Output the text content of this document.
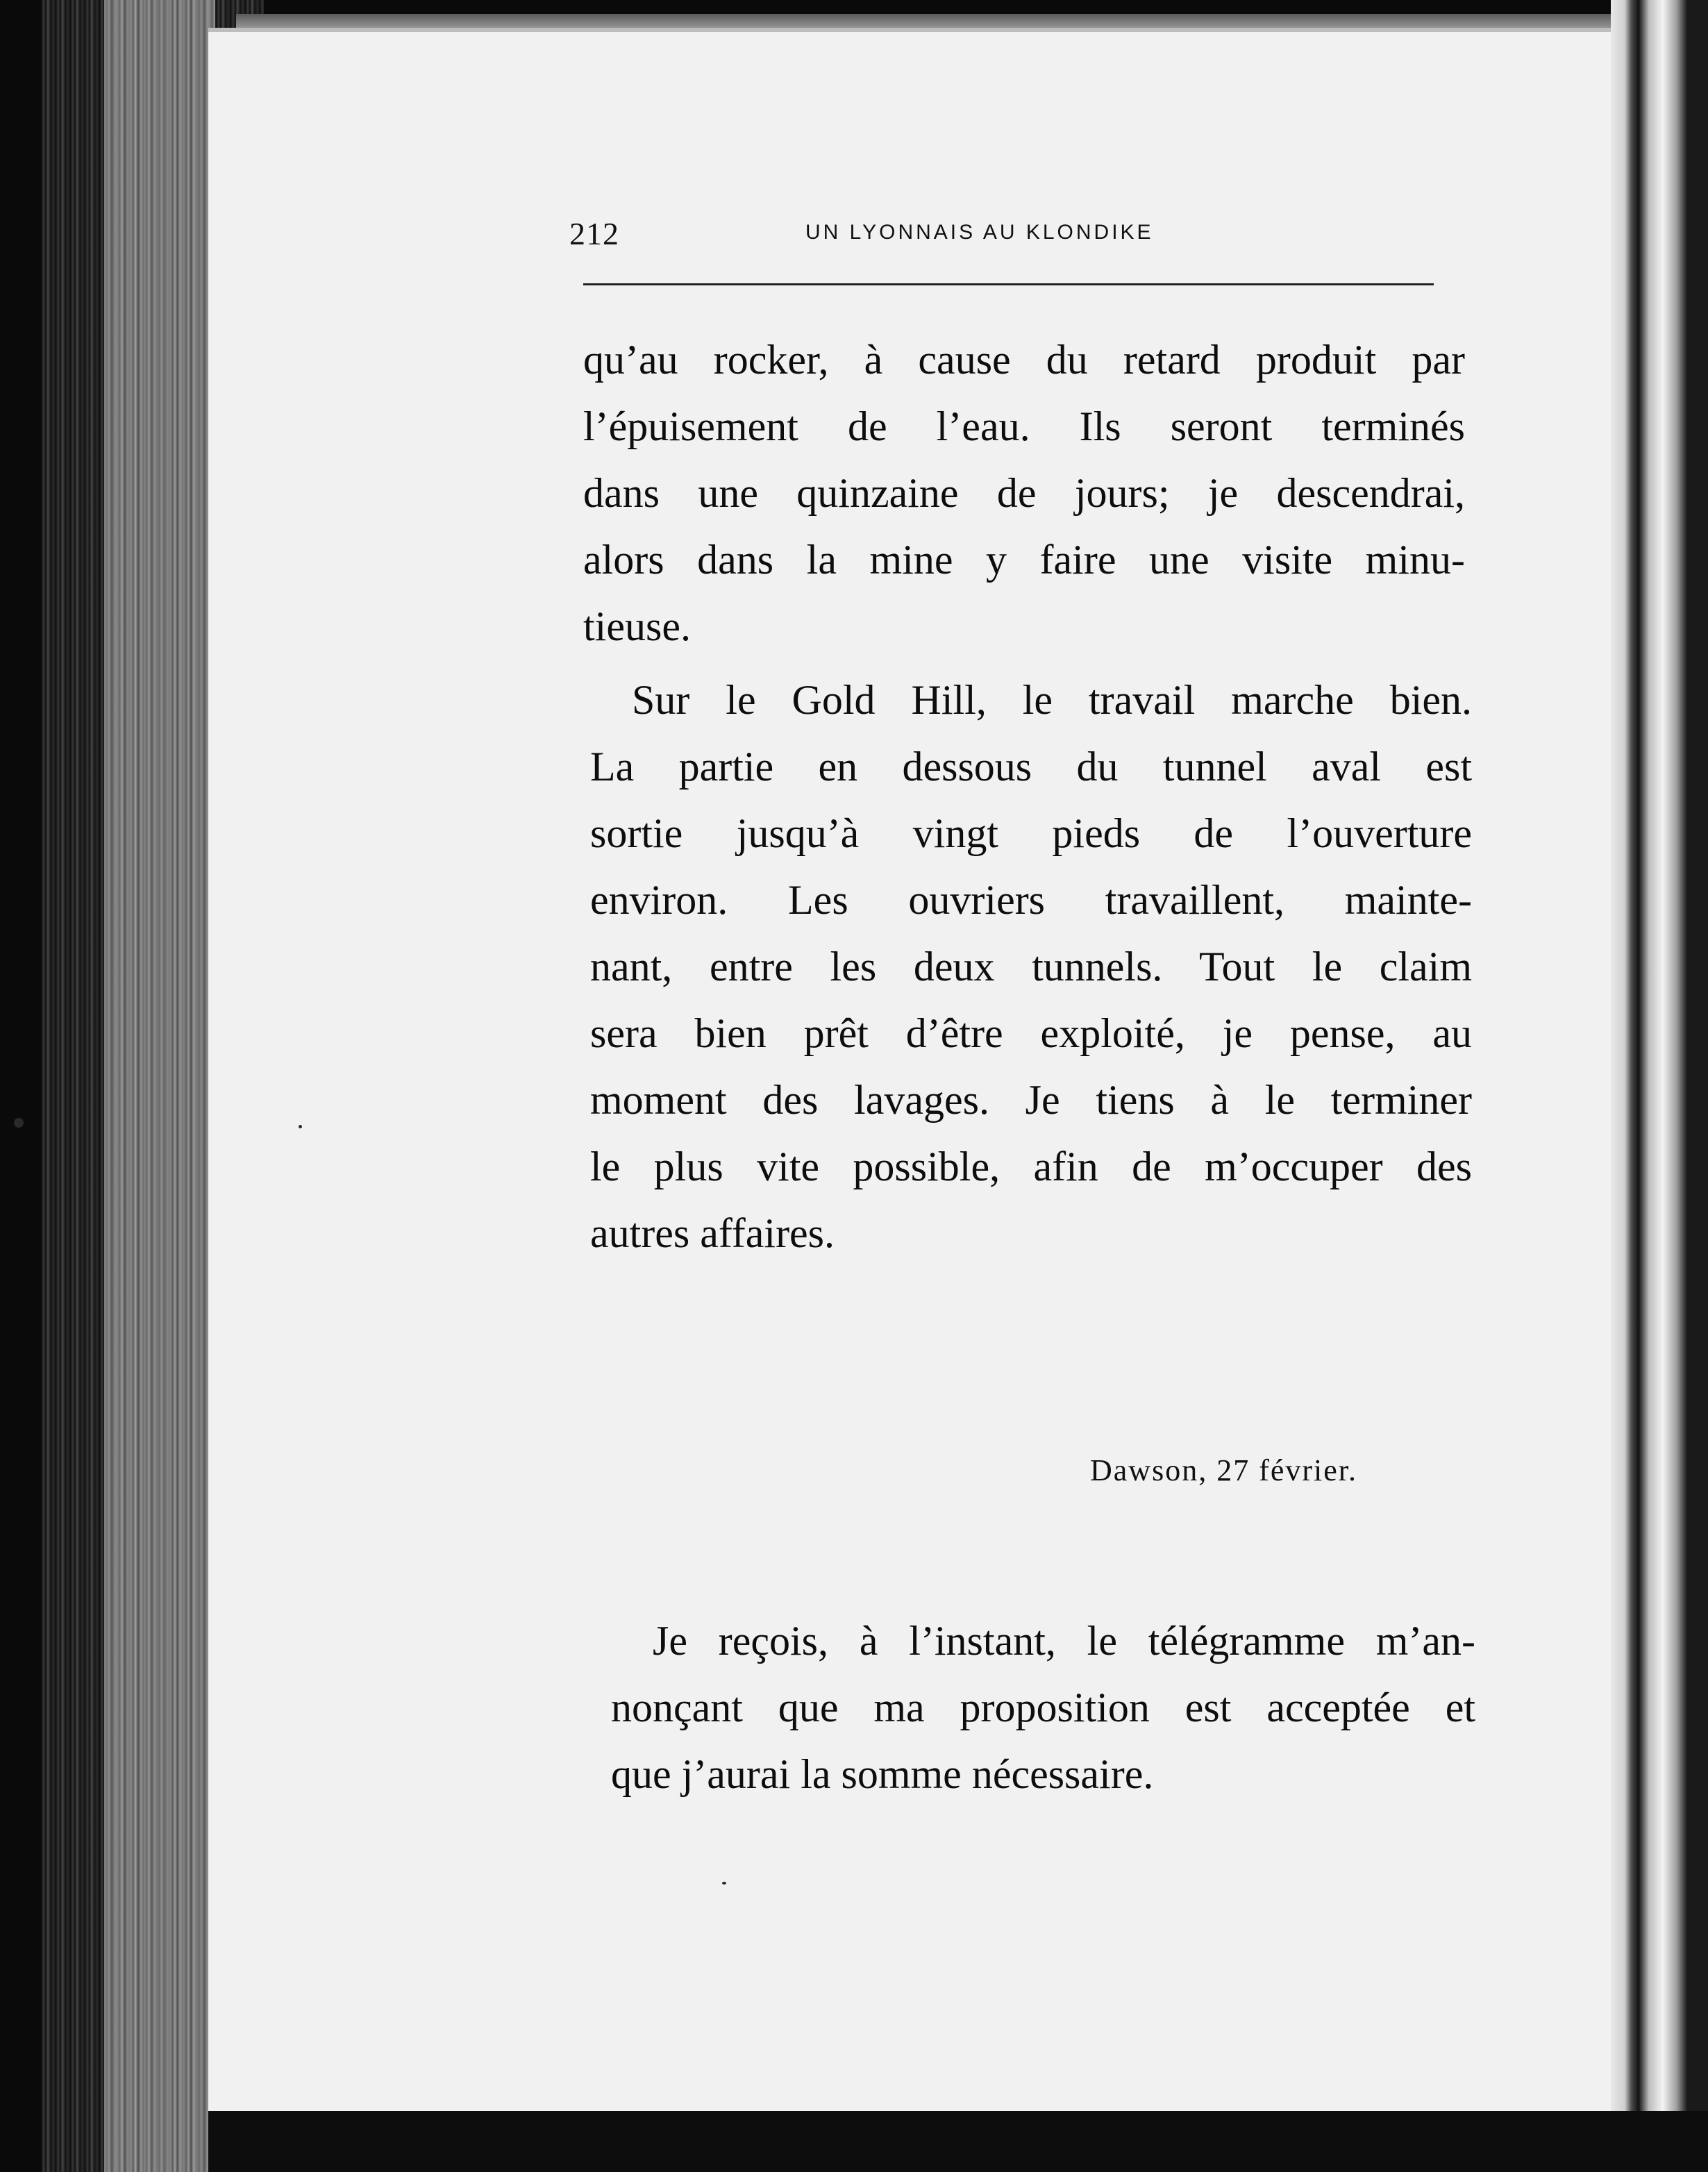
212	UN LYONNAIS AU KLONDIKE
qu’au rocker, à cause du retard produit par
l’épuisement de l’eau. Ils seront terminés
dans une quinzaine de jours; je descendrai,
alors dans la mine y faire une visite minu-
tieuse.
Sur le Gold Hill, le travail marche bien.
La partie en dessous du tunnel aval est
sortie jusqu’à vingt pieds de l’ouverture
environ. Les ouvriers travaillent, mainte-
nant, entre les deux tunnels. Tout le claim
sera bien prêt d’être exploité, je pense, au
moment des lavages. Je tiens à le terminer
le plus vite possible, afin de m’occuper des
autres affaires.
Dawson, 27 février.
Je reçois, à l’instant, le télégramme m’an-
nonçant que ma proposition est acceptée et
que j’aurai la somme nécessaire.
